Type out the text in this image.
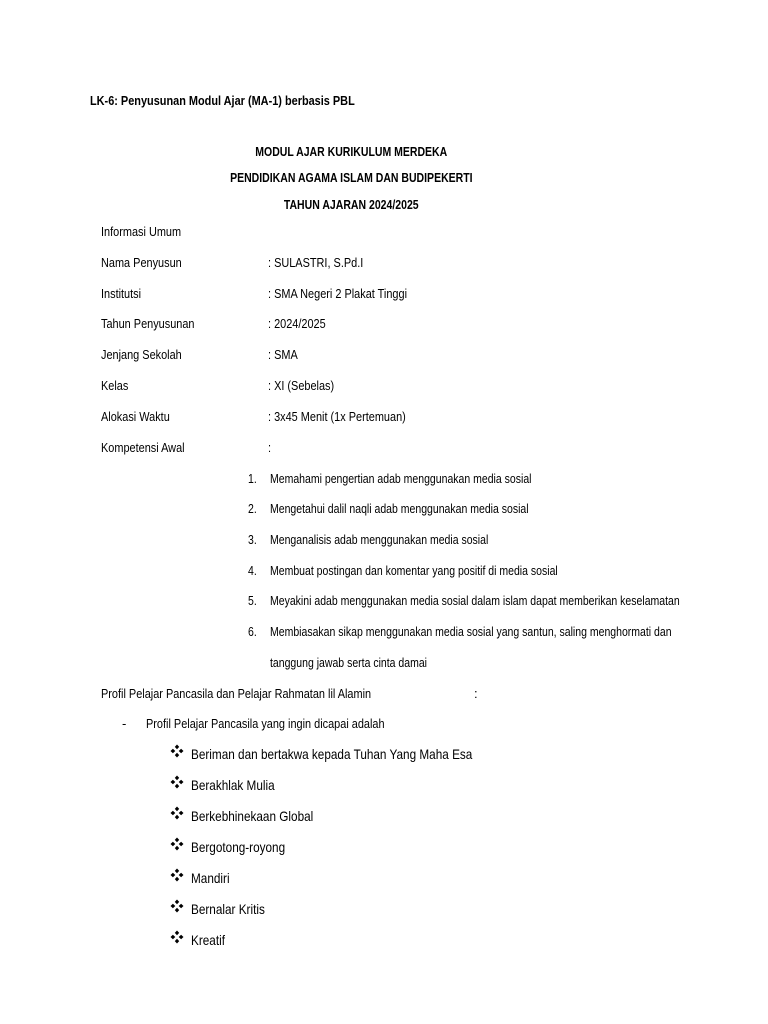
LK-6: Penyusunan Modul Ajar (MA-1) berbasis PBL
MODUL AJAR KURIKULUM MERDEKA
PENDIDIKAN AGAMA ISLAM DAN BUDIPEKERTI
TAHUN AJARAN 2024/2025
Informasi Umum
Nama Penyusun	: SULASTRI, S.Pd.I
Institutsi	: SMA Negeri 2 Plakat Tinggi
Tahun Penyusunan	: 2024/2025
Jenjang Sekolah	: SMA
Kelas	: XI (Sebelas)
Alokasi Waktu	: 3x45 Menit (1x Pertemuan)
Kompetensi Awal	:
1. Memahami pengertian adab menggunakan media sosial
2. Mengetahui dalil naqli adab menggunakan media sosial
3. Menganalisis adab menggunakan media sosial
4. Membuat postingan dan komentar yang positif di media sosial
5. Meyakini adab menggunakan media sosial dalam islam dapat memberikan keselamatan
6. Membiasakan sikap menggunakan media sosial yang santun, saling menghormati dan
tanggung jawab serta cinta damai
Profil Pelajar Pancasila dan Pelajar Rahmatan lil Alamin	:
- Profil Pelajar Pancasila yang ingin dicapai adalah
Beriman dan bertakwa kepada Tuhan Yang Maha Esa
Berakhlak Mulia
Berkebhinekaan Global
Bergotong-royong
Mandiri
Bernalar Kritis
Kreatif
